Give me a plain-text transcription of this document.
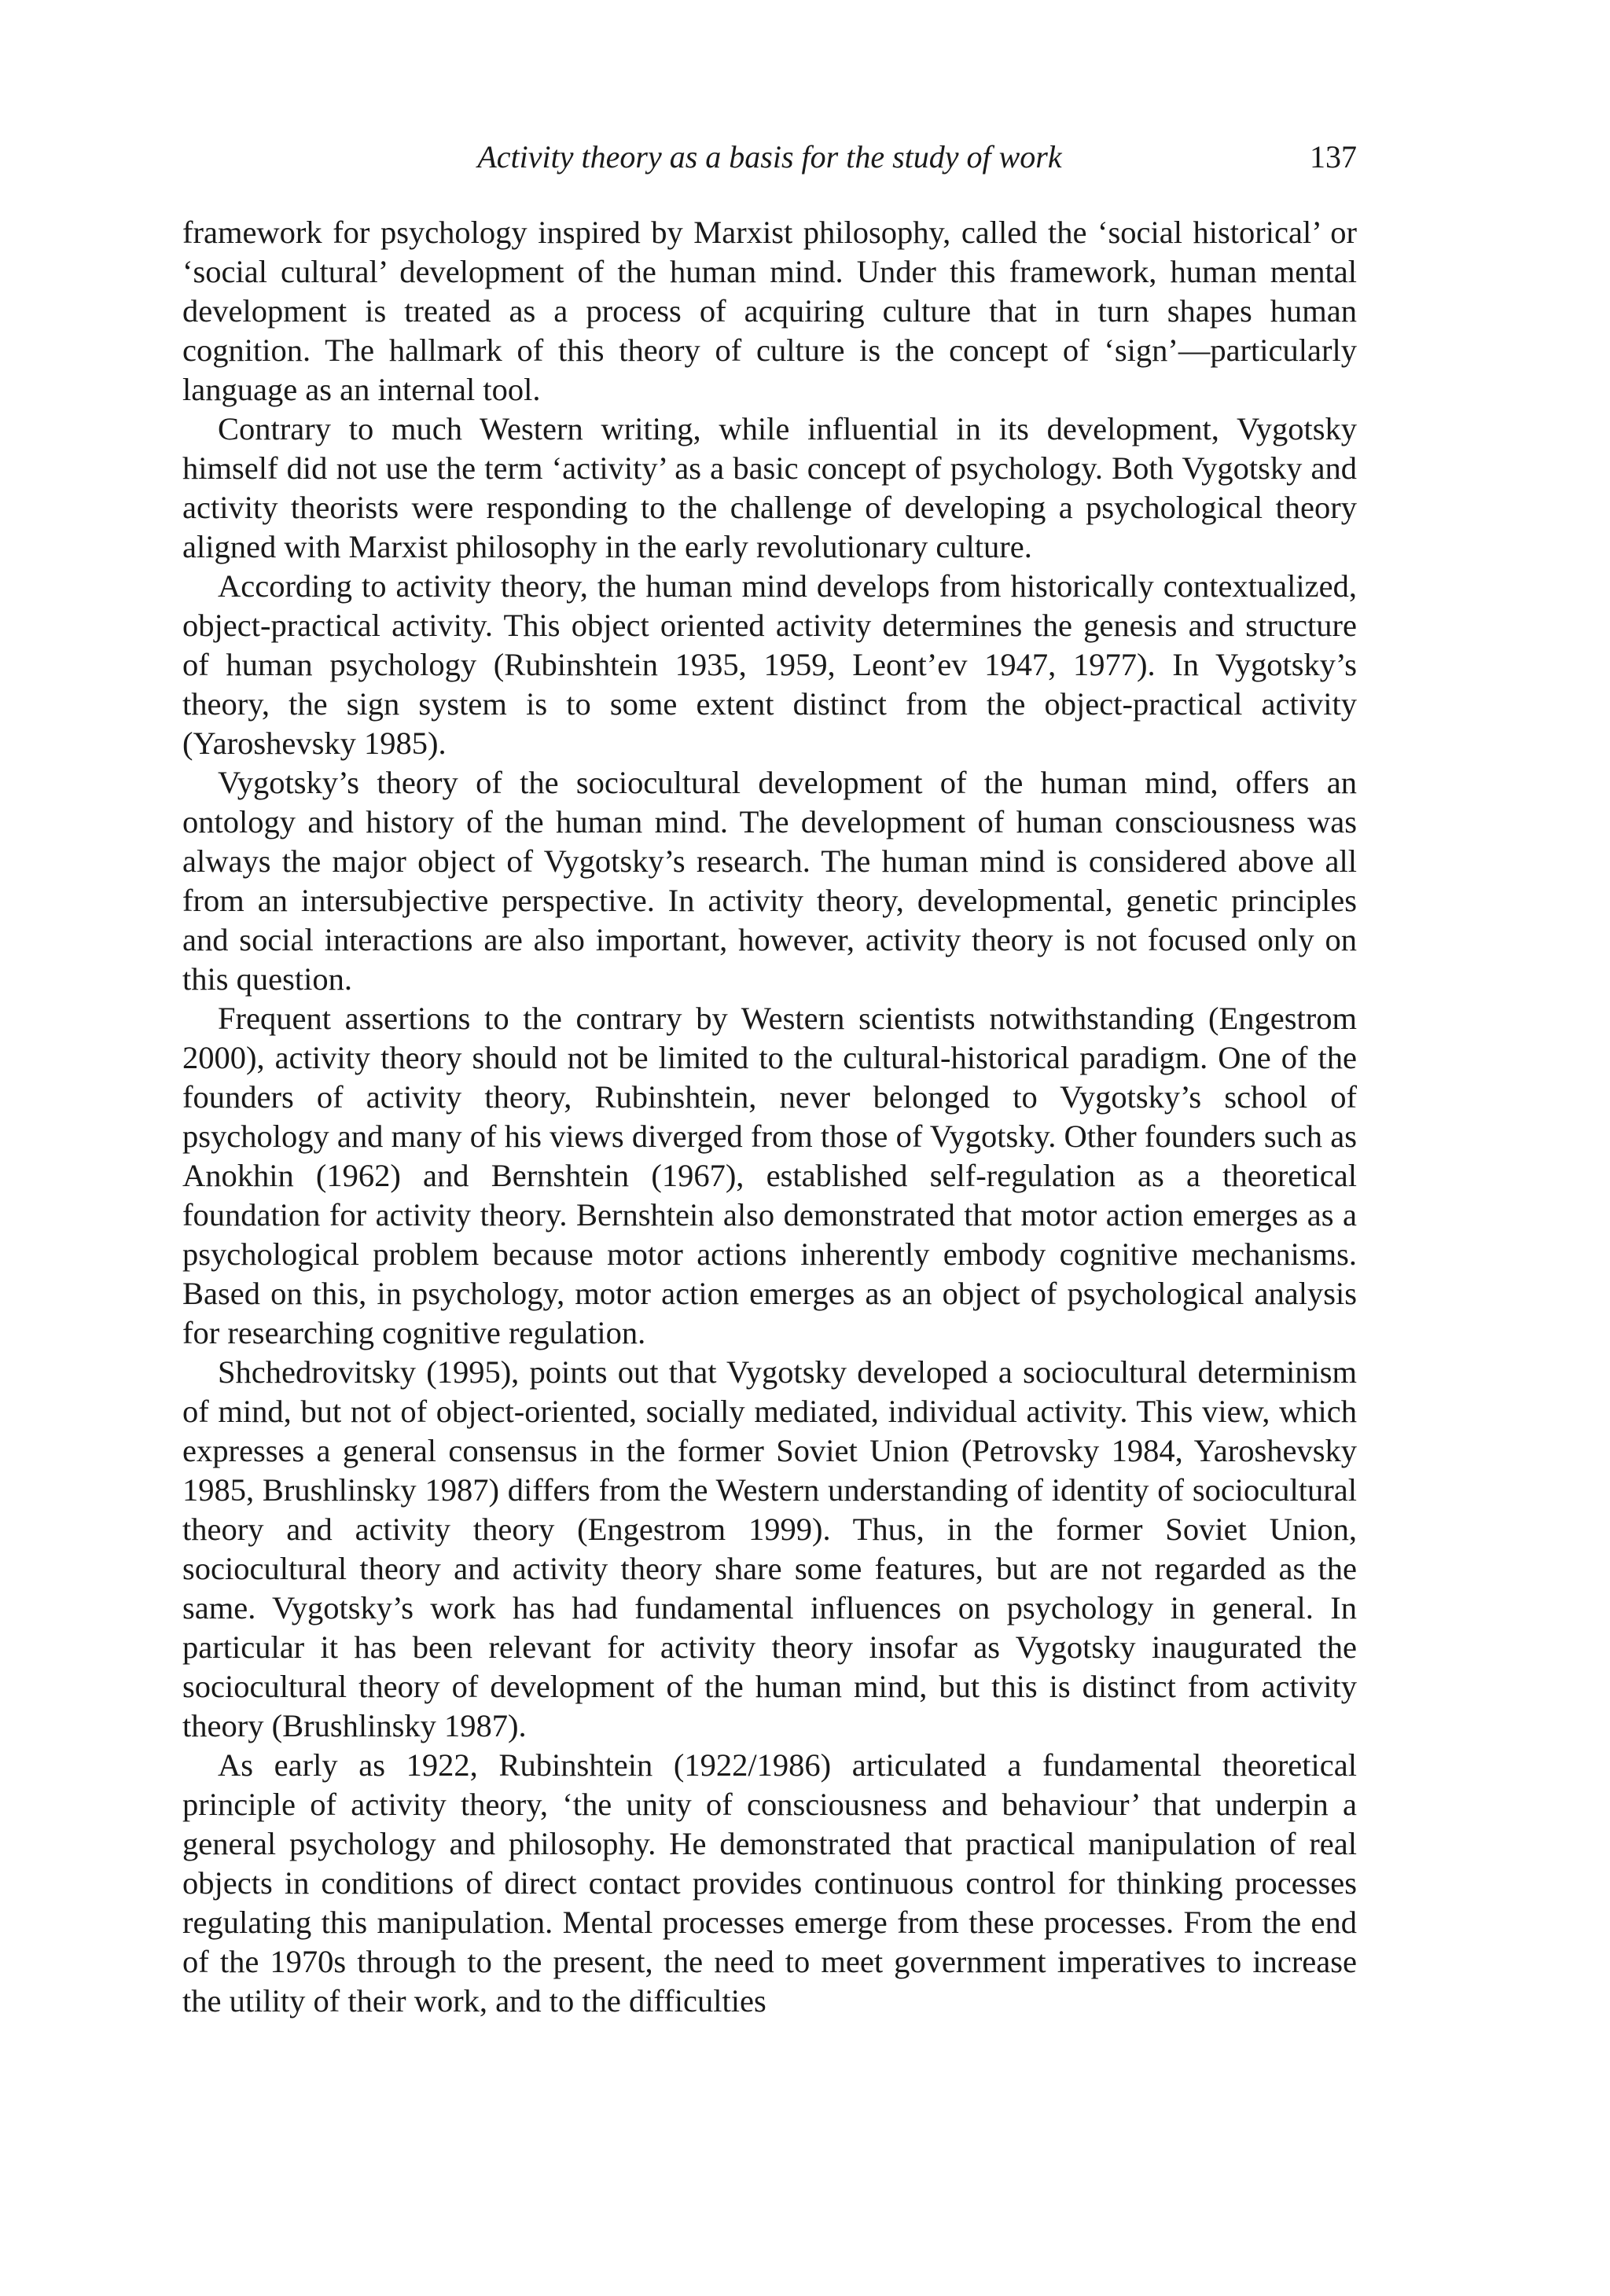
Activity theory as a basis for the study of work	137

framework for psychology inspired by Marxist philosophy, called the ‘social historical’ or ‘social cultural’ development of the human mind. Under this framework, human mental development is treated as a process of acquiring culture that in turn shapes human cognition. The hallmark of this theory of culture is the concept of ‘sign’—particularly language as an internal tool.

Contrary to much Western writing, while influential in its development, Vygotsky himself did not use the term ‘activity’ as a basic concept of psychology. Both Vygotsky and activity theorists were responding to the challenge of developing a psychological theory aligned with Marxist philosophy in the early revolutionary culture.

According to activity theory, the human mind develops from historically contextualized, object-practical activity. This object oriented activity determines the genesis and structure of human psychology (Rubinshtein 1935, 1959, Leont’ev 1947, 1977). In Vygotsky’s theory, the sign system is to some extent distinct from the object-practical activity (Yaroshevsky 1985).

Vygotsky’s theory of the sociocultural development of the human mind, offers an ontology and history of the human mind. The development of human consciousness was always the major object of Vygotsky’s research. The human mind is considered above all from an intersubjective perspective. In activity theory, developmental, genetic principles and social interactions are also important, however, activity theory is not focused only on this question.

Frequent assertions to the contrary by Western scientists notwithstanding (Engestrom 2000), activity theory should not be limited to the cultural-historical paradigm. One of the founders of activity theory, Rubinshtein, never belonged to Vygotsky’s school of psychology and many of his views diverged from those of Vygotsky. Other founders such as Anokhin (1962) and Bernshtein (1967), established self-regulation as a theoretical foundation for activity theory. Bernshtein also demonstrated that motor action emerges as a psychological problem because motor actions inherently embody cognitive mechanisms. Based on this, in psychology, motor action emerges as an object of psychological analysis for researching cognitive regulation.

Shchedrovitsky (1995), points out that Vygotsky developed a sociocultural determinism of mind, but not of object-oriented, socially mediated, individual activity. This view, which expresses a general consensus in the former Soviet Union (Petrovsky 1984, Yaroshevsky 1985, Brushlinsky 1987) differs from the Western understanding of identity of sociocultural theory and activity theory (Engestrom 1999). Thus, in the former Soviet Union, sociocultural theory and activity theory share some features, but are not regarded as the same. Vygotsky’s work has had fundamental influences on psychology in general. In particular it has been relevant for activity theory insofar as Vygotsky inaugurated the sociocultural theory of development of the human mind, but this is distinct from activity theory (Brushlinsky 1987).

As early as 1922, Rubinshtein (1922/1986) articulated a fundamental theoretical principle of activity theory, ‘the unity of consciousness and behaviour’ that underpin a general psychology and philosophy. He demonstrated that practical manipulation of real objects in conditions of direct contact provides continuous control for thinking processes regulating this manipulation. Mental processes emerge from these processes. From the end of the 1970s through to the present, the need to meet government imperatives to increase the utility of their work, and to the difficulties
